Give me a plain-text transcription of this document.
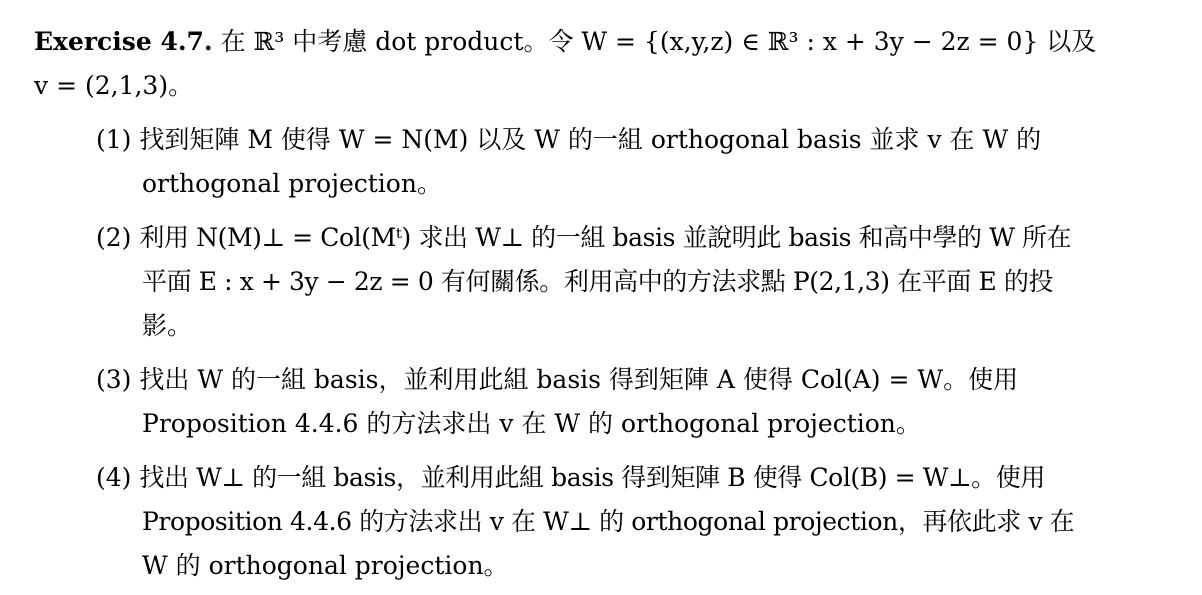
Exercise 4.7. 在 ℝ³ 中考慮 dot product。令 W = {(x,y,z) ∈ ℝ³ : x + 3y − 2z = 0} 以及
v = (2,1,3)。
(1) 找到矩陣 M 使得 W = N(M) 以及 W 的一組 orthogonal basis 並求 v 在 W 的
orthogonal projection。
(2) 利用 N(M)⊥ = Col(Mᵗ) 求出 W⊥ 的一組 basis 並說明此 basis 和高中學的 W 所在
平面 E : x + 3y − 2z = 0 有何關係。利用高中的方法求點 P(2,1,3) 在平面 E 的投
影。
(3) 找出 W 的一組 basis，並利用此組 basis 得到矩陣 A 使得 Col(A) = W。使用
Proposition 4.4.6 的方法求出 v 在 W 的 orthogonal projection。
(4) 找出 W⊥ 的一組 basis，並利用此組 basis 得到矩陣 B 使得 Col(B) = W⊥。使用
Proposition 4.4.6 的方法求出 v 在 W⊥ 的 orthogonal projection，再依此求 v 在
W 的 orthogonal projection。
